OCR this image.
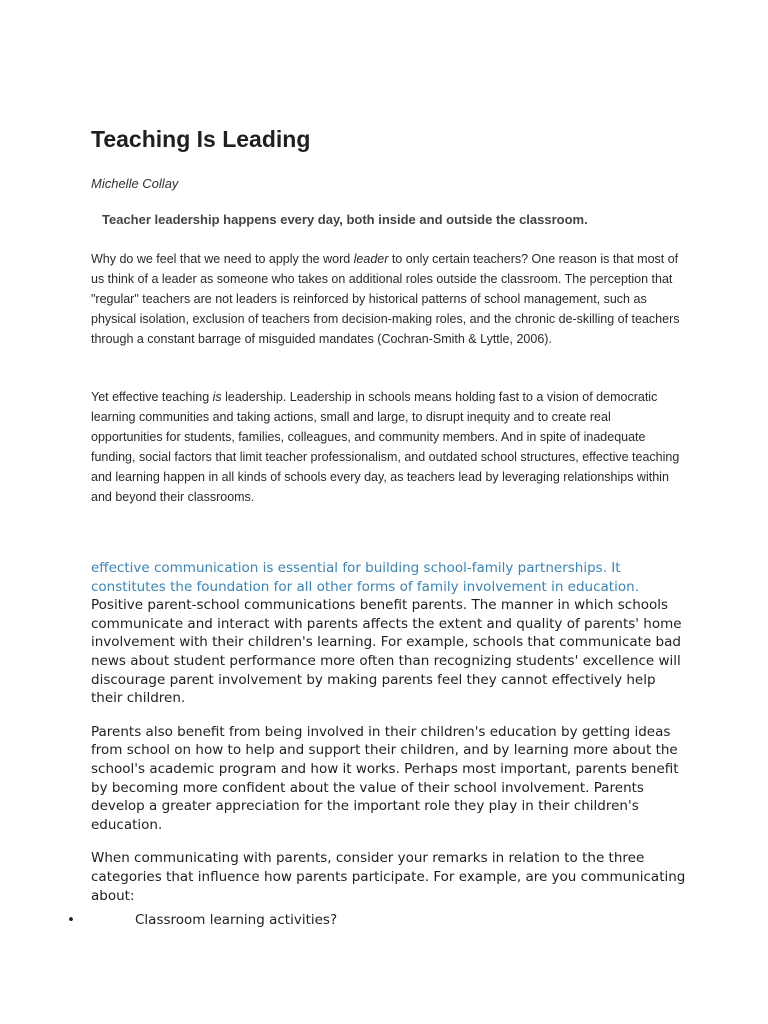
Teaching Is Leading

Michelle Collay

Teacher leadership happens every day, both inside and outside the classroom.

Why do we feel that we need to apply the word leader to only certain teachers? One reason is that most of us think of a leader as someone who takes on additional roles outside the classroom. The perception that "regular" teachers are not leaders is reinforced by historical patterns of school management, such as physical isolation, exclusion of teachers from decision-making roles, and the chronic de-skilling of teachers through a constant barrage of misguided mandates (Cochran-Smith & Lyttle, 2006).

Yet effective teaching is leadership. Leadership in schools means holding fast to a vision of democratic learning communities and taking actions, small and large, to disrupt inequity and to create real opportunities for students, families, colleagues, and community members. And in spite of inadequate funding, social factors that limit teacher professionalism, and outdated school structures, effective teaching and learning happen in all kinds of schools every day, as teachers lead by leveraging relationships within and beyond their classrooms.

effective communication is essential for building school-family partnerships. It constitutes the foundation for all other forms of family involvement in education. Positive parent-school communications benefit parents. The manner in which schools communicate and interact with parents affects the extent and quality of parents' home involvement with their children's learning. For example, schools that communicate bad news about student performance more often than recognizing students' excellence will discourage parent involvement by making parents feel they cannot effectively help their children.

Parents also benefit from being involved in their children's education by getting ideas from school on how to help and support their children, and by learning more about the school's academic program and how it works. Perhaps most important, parents benefit by becoming more confident about the value of their school involvement. Parents develop a greater appreciation for the important role they play in their children's education.

When communicating with parents, consider your remarks in relation to the three categories that influence how parents participate. For example, are you communicating about:

•	Classroom learning activities?
